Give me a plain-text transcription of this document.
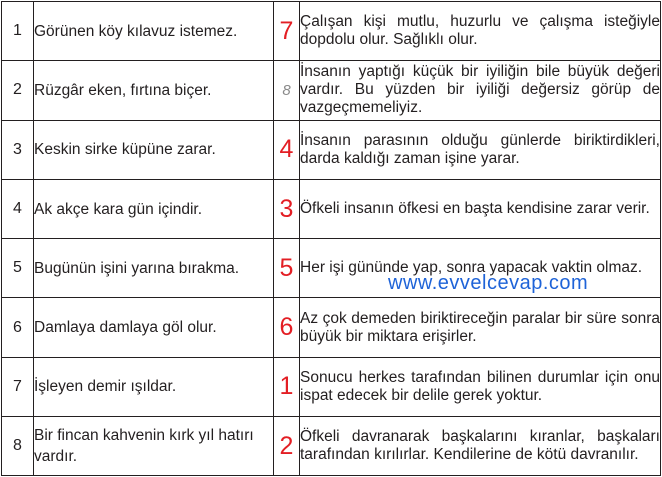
1	Görünen köy kılavuz istemez.	7	Çalışan kişi mutlu, huzurlu ve çalışma isteğiyle dopdolu olur. Sağlıklı olur.
2	Rüzgâr eken, fırtına biçer.	8	İnsanın yaptığı küçük bir iyiliğin bile büyük değeri vardır. Bu yüzden bir iyiliği değersiz görüp de vazgeçmemeliyiz.
3	Keskin sirke küpüne zarar.	4	İnsanın parasının olduğu günlerde biriktirdikleri, darda kaldığı zaman işine yarar.
4	Ak akçe kara gün içindir.	3	Öfkeli insanın öfkesi en başta kendisine zarar verir.
5	Bugünün işini yarına bırakma.	5	Her işi gününde yap, sonra yapacak vaktin olmaz.
6	Damlaya damlaya göl olur.	6	Az çok demeden biriktireceğin paralar bir süre sonra büyük bir miktara erişirler.
7	İşleyen demir ışıldar.	1	Sonucu herkes tarafından bilinen durumlar için onu ispat edecek bir delile gerek yoktur.
8	Bir fincan kahvenin kırk yıl hatırı vardır.	2	Öfkeli davranarak başkalarını kıranlar, başkaları tarafından kırılırlar. Kendilerine de kötü davranılır.
www.evvelcevap.com
